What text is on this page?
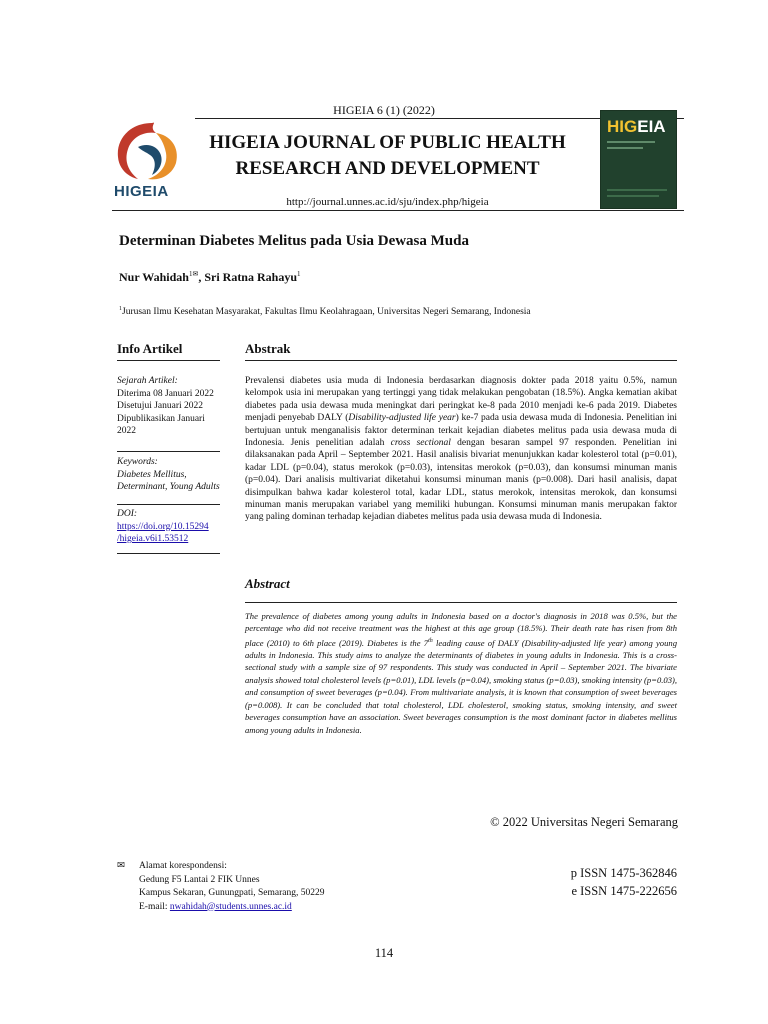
HIGEIA 6 (1) (2022)
HIGEIA
HIGEIA JOURNAL OF PUBLIC HEALTH
RESEARCH AND DEVELOPMENT
http://journal.unnes.ac.id/sju/index.php/higeia
HIGEIA
Determinan Diabetes Melitus pada Usia Dewasa Muda
Nur Wahidah$^{1✉}$, Sri Ratna Rahayu$^1$
$^1$Jurusan Ilmu Kesehatan Masyarakat, Fakultas Ilmu Keolahragaan, Universitas Negeri Semarang, Indonesia
Info Artikel	Abstrak
Sejarah Artikel:
Diterima 08 Januari 2022
Disetujui Januari 2022
Dipublikasikan Januari
2022
Keywords:
Diabetes Mellitus,
Determinant, Young Adults
DOI:
https://doi.org/10.15294
/higeia.v6i1.53512
Prevalensi diabetes usia muda di Indonesia berdasarkan diagnosis dokter pada 2018 yaitu 0.5%, namun kelompok usia ini merupakan yang tertinggi yang tidak melakukan pengobatan (18.5%). Angka kematian akibat diabetes pada usia dewasa muda meningkat dari peringkat ke-8 pada 2010 menjadi ke-6 pada 2019. Diabetes menjadi penyebab DALY (Disability-adjusted life year) ke-7 pada usia dewasa muda di Indonesia. Penelitian ini bertujuan untuk menganalisis faktor determinan terkait kejadian diabetes melitus pada usia dewasa muda di Indonesia. Jenis penelitian adalah cross sectional dengan besaran sampel 97 responden. Penelitian ini dilaksanakan pada April – September 2021. Hasil analisis bivariat menunjukkan kadar kolesterol total (p=0.01), kadar LDL (p=0.04), status merokok (p=0.03), intensitas merokok (p=0.03), dan konsumsi minuman manis (p=0.04). Dari analisis multivariat diketahui konsumsi minuman manis (p=0.008). Dari hasil analisis, dapat disimpulkan bahwa kadar kolesterol total, kadar LDL, status merokok, intensitas merokok, dan konsumsi minuman manis merupakan variabel yang memiliki hubungan. Konsumsi minuman manis merupakan faktor yang paling dominan terhadap kejadian diabetes melitus pada usia dewasa muda di Indonesia.
Abstract
The prevalence of diabetes among young adults in Indonesia based on a doctor's diagnosis in 2018 was 0.5%, but the percentage who did not receive treatment was the highest at this age group (18.5%). Their death rate has risen from 8th place (2010) to 6th place (2019). Diabetes is the 7th leading cause of DALY (Disability-adjusted life year) among young adults in Indonesia. This study aims to analyze the determinants of diabetes in young adults in Indonesia. This is a cross-sectional study with a sample size of 97 respondents. This study was conducted in April – September 2021. The bivariate analysis showed total cholesterol levels (p=0.01), LDL levels (p=0.04), smoking status (p=0.03), smoking intensity (p=0.03), and consumption of sweet beverages (p=0.04). From multivariate analysis, it is known that consumption of sweet beverages (p=0.008). It can be concluded that total cholesterol, LDL cholesterol, smoking status, smoking intensity, and sweet beverages consumption have an association. Sweet beverages consumption is the most dominant factor in diabetes mellitus among young adults in Indonesia.
© 2022 Universitas Negeri Semarang
✉ Alamat korespondensi:
Gedung F5 Lantai 2 FIK Unnes
Kampus Sekaran, Gunungpati, Semarang, 50229
E-mail: nwahidah@students.unnes.ac.id
p ISSN 1475-362846
e ISSN 1475-222656
114
